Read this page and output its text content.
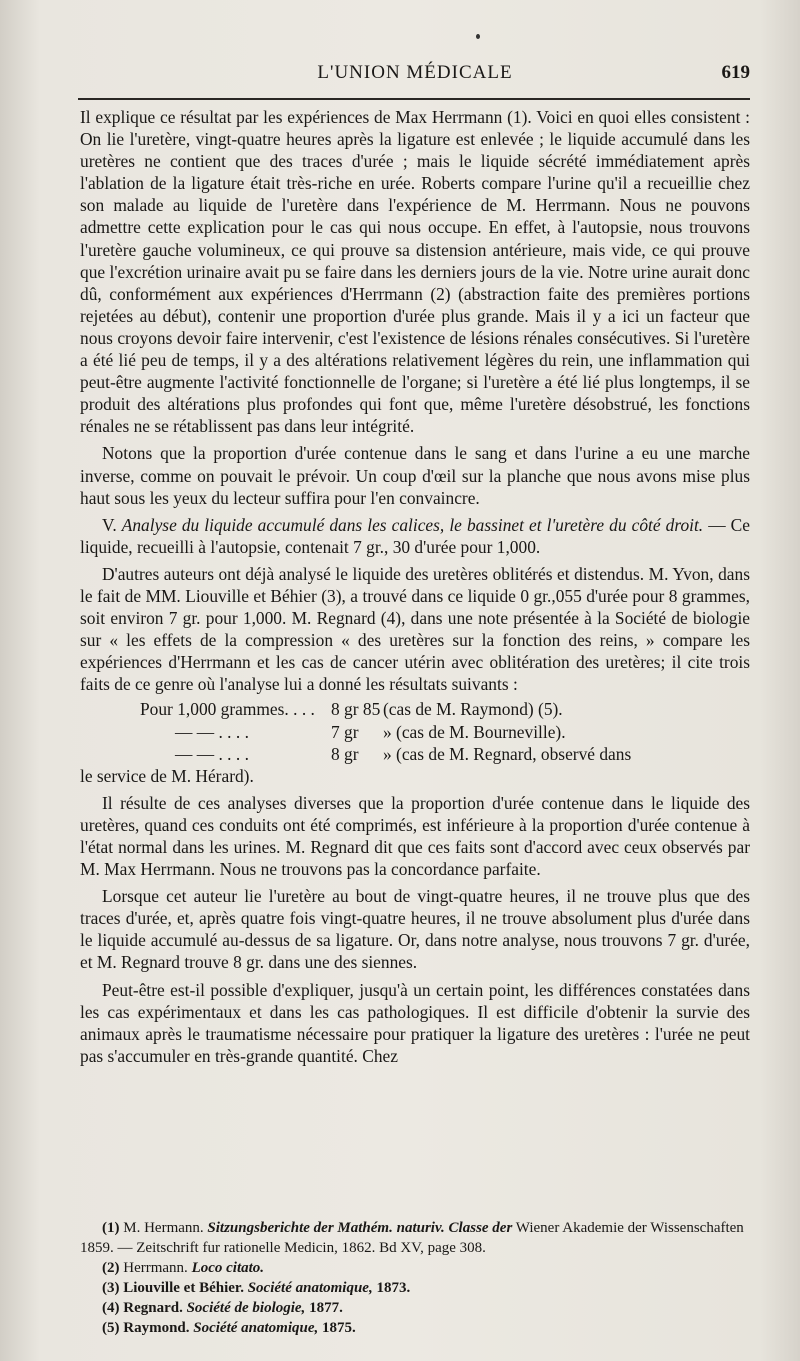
L'UNION MÉDICALE	619

Il explique ce résultat par les expériences de Max Herrmann (1). Voici en quoi elles consistent : On lie l'uretère, vingt-quatre heures après la ligature est enlevée ; le liquide accumulé dans les uretères ne contient que des traces d'urée ; mais le liquide sécrété immédiatement après l'ablation de la ligature était très-riche en urée. Roberts compare l'urine qu'il a recueillie chez son malade au liquide de l'uretère dans l'expérience de M. Herrmann. Nous ne pouvons admettre cette explication pour le cas qui nous occupe. En effet, à l'autopsie, nous trouvons l'uretère gauche volumineux, ce qui prouve sa distension antérieure, mais vide, ce qui prouve que l'excrétion urinaire avait pu se faire dans les derniers jours de la vie. Notre urine aurait donc dû, conformément aux expériences d'Herrmann (2) (abstraction faite des premières portions rejetées au début), contenir une proportion d'urée plus grande. Mais il y a ici un facteur que nous croyons devoir faire intervenir, c'est l'existence de lésions rénales consécutives. Si l'uretère a été lié peu de temps, il y a des altérations relativement légères du rein, une inflammation qui peut-être augmente l'activité fonctionnelle de l'organe; si l'uretère a été lié plus longtemps, il se produit des altérations plus profondes qui font que, même l'uretère désobstrué, les fonctions rénales ne se rétablissent pas dans leur intégrité.

Notons que la proportion d'urée contenue dans le sang et dans l'urine a eu une marche inverse, comme on pouvait le prévoir. Un coup d'œil sur la planche que nous avons mise plus haut sous les yeux du lecteur suffira pour l'en convaincre.

V. Analyse du liquide accumulé dans les calices, le bassinet et l'uretère du côté droit. — Ce liquide, recueilli à l'autopsie, contenait 7 gr., 30 d'urée pour 1,000.

D'autres auteurs ont déjà analysé le liquide des uretères oblitérés et distendus. M. Yvon, dans le fait de MM. Liouville et Béhier (3), a trouvé dans ce liquide 0 gr.,055 d'urée pour 8 grammes, soit environ 7 gr. pour 1,000. M. Regnard (4), dans une note présentée à la Société de biologie sur « les effets de la compression « des uretères sur la fonction des reins, » compare les expériences d'Herrmann et les cas de cancer utérin avec oblitération des uretères; il cite trois faits de ce genre où l'analyse lui a donné les résultats suivants :

Pour 1,000 grammes. . . . 8 gr 85 (cas de M. Raymond) (5).
— — . . . .	7 gr	» (cas de M. Bourneville).
— — . . . .	8 gr	» (cas de M. Regnard, observé dans

le service de M. Hérard).

Il résulte de ces analyses diverses que la proportion d'urée contenue dans le liquide des uretères, quand ces conduits ont été comprimés, est inférieure à la proportion d'urée contenue à l'état normal dans les urines. M. Regnard dit que ces faits sont d'accord avec ceux observés par M. Max Herrmann. Nous ne trouvons pas la concordance parfaite.

Lorsque cet auteur lie l'uretère au bout de vingt-quatre heures, il ne trouve plus que des traces d'urée, et, après quatre fois vingt-quatre heures, il ne trouve absolument plus d'urée dans le liquide accumulé au-dessus de sa ligature. Or, dans notre analyse, nous trouvons 7 gr. d'urée, et M. Regnard trouve 8 gr. dans une des siennes.

Peut-être est-il possible d'expliquer, jusqu'à un certain point, les différences constatées dans les cas expérimentaux et dans les cas pathologiques. Il est difficile d'obtenir la survie des animaux après le traumatisme nécessaire pour pratiquer la ligature des uretères : l'urée ne peut pas s'accumuler en très-grande quantité. Chez

(1) M. Hermann. Sitzungsberichte der Mathém. naturiv. Classe der Wiener Akademie der Wissenschaften 1859. — Zeitschrift fur rationelle Medicin, 1862. Bd XV, page 308.

(2) Herrmann. Loco citato.

(3) Liouville et Béhier. Société anatomique, 1873.

(4) Regnard. Société de biologie, 1877.

(5) Raymond. Société anatomique, 1875.
